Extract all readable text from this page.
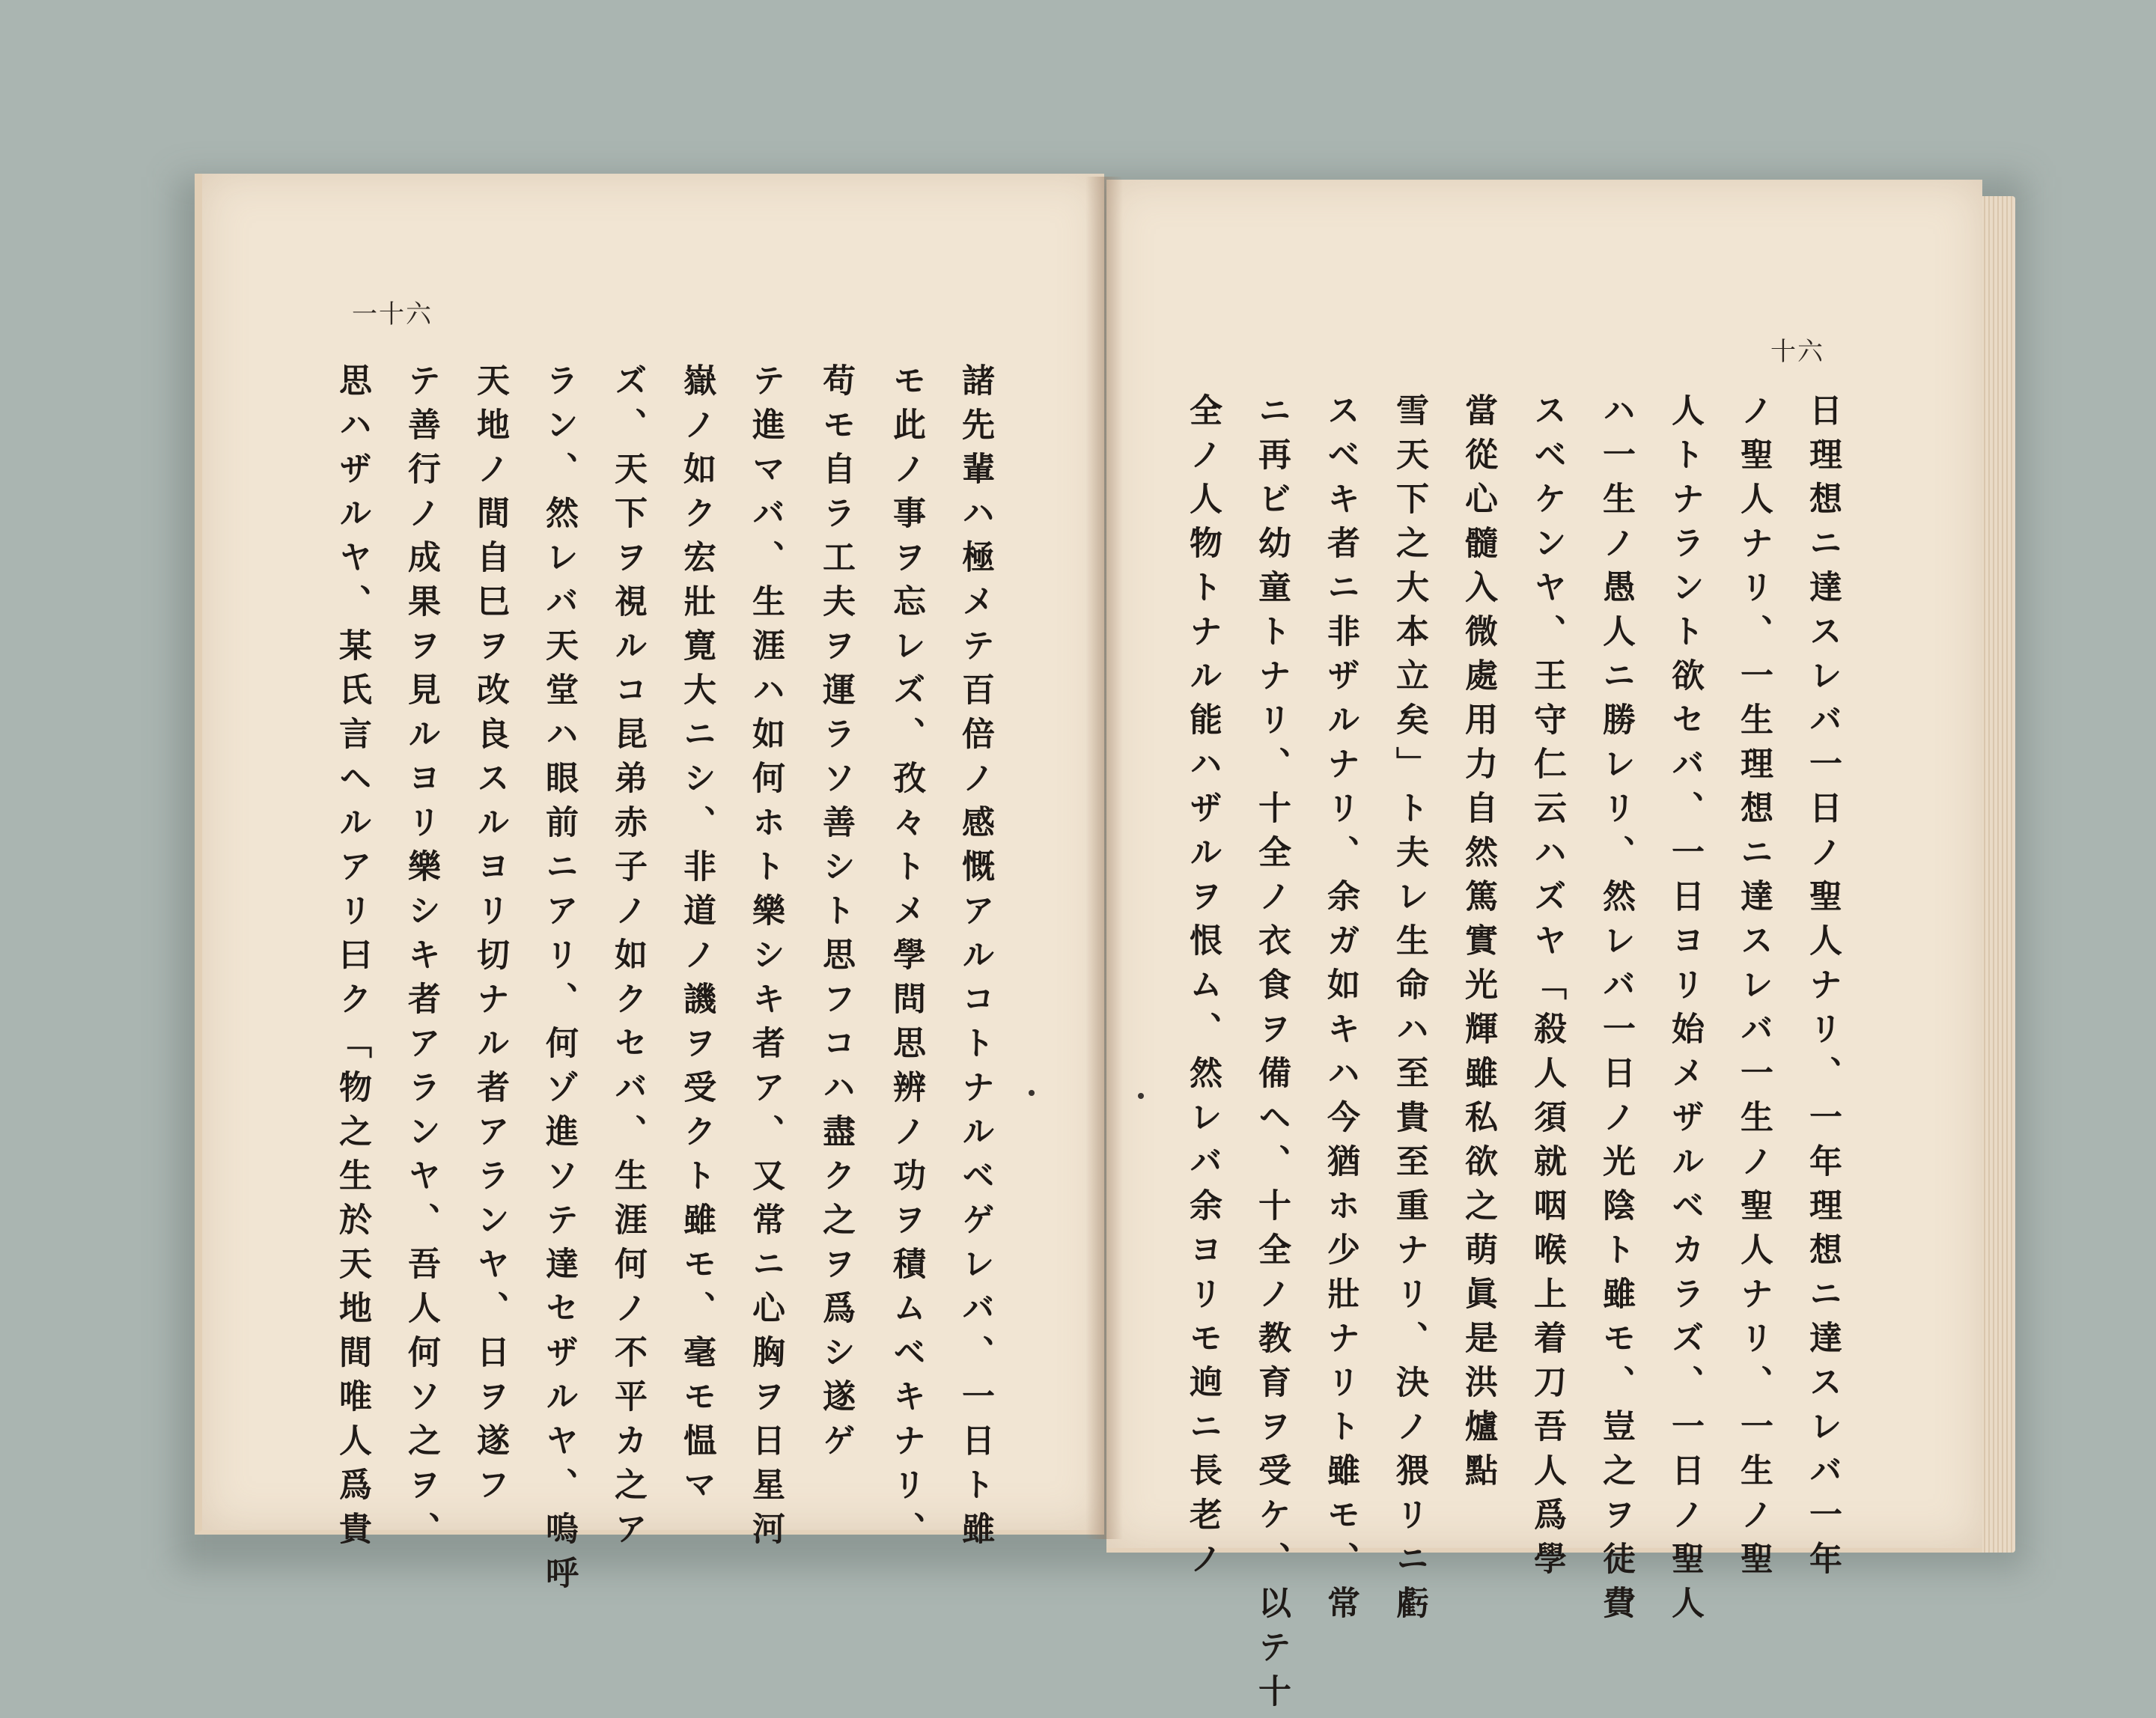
一十六
十六
諸先輩ハ極メテ百倍ノ感慨アルコトナルベゲレバ、一日ト雖
モ此ノ事ヲ忘レズ、孜々トメ學問思辨ノ功ヲ積ムベキナリ、
苟モ自ラ工夫ヲ運ラソ善シト思フコハ盡ク之ヲ爲シ遂ゲ
テ進マバ、生涯ハ如何ホト樂シキ者ア、又常ニ心胸ヲ日星河
嶽ノ如ク宏壯寛大ニシ、非道ノ譏ヲ受クト雖モ、毫モ愠マ
ズ、天下ヲ視ルコ昆弟赤子ノ如クセバ、生涯何ノ不平カ之ア
ラン、然レバ天堂ハ眼前ニアリ、何ゾ進ソテ達セザルヤ、嗚呼
天地ノ間自巳ヲ改良スルヨリ切ナル者アランヤ、日ヲ遂フ
テ善行ノ成果ヲ見ルヨリ樂シキ者アランヤ、吾人何ソ之ヲ、
思ハザルヤ、某氏言ヘルアリ曰ク「物之生於天地間唯人爲貴	日理想ニ達スレバ一日ノ聖人ナリ、一年理想ニ達スレバ一年
ノ聖人ナリ、一生理想ニ達スレバ一生ノ聖人ナリ、一生ノ聖
人トナラント欲セバ、一日ヨリ始メザルベカラズ、一日ノ聖人
ハ一生ノ愚人ニ勝レリ、然レバ一日ノ光陰ト雖モ、豈之ヲ徒費
スベケンヤ、王守仁云ハズヤ「殺人須就咽喉上着刀吾人爲學
當從心髓入微處用力自然篤實光輝雖私欲之萌眞是洪爐點
雪天下之大本立矣」ト夫レ生命ハ至貴至重ナリ、決ノ猥リニ虧
スベキ者ニ非ザルナリ、余ガ如キハ今猶ホ少壯ナリト雖モ、常
ニ再ビ幼童トナリ、十全ノ衣食ヲ備ヘ、十全ノ教育ヲ受ケ、以テ十
全ノ人物トナル能ハザルヲ恨ム、然レバ余ヨリモ逈ニ長老ノ
